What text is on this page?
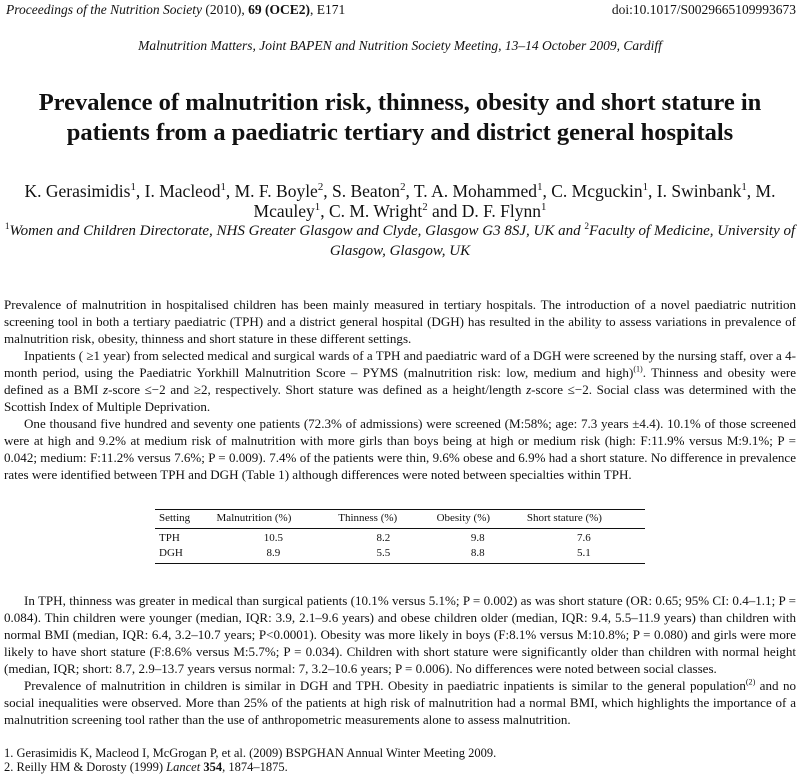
Proceedings of the Nutrition Society (2010), 69 (OCE2), E171	doi:10.1017/S0029665109993673
Malnutrition Matters, Joint BAPEN and Nutrition Society Meeting, 13–14 October 2009, Cardiff
Prevalence of malnutrition risk, thinness, obesity and short stature in patients from a paediatric tertiary and district general hospitals
K. Gerasimidis$^1$, I. Macleod$^1$, M. F. Boyle$^2$, S. Beaton$^2$, T. A. Mohammed$^1$, C. Mcguckin$^1$, I. Swinbank$^1$, M. Mcauley$^1$, C. M. Wright$^2$ and D. F. Flynn$^1$
$^1$Women and Children Directorate, NHS Greater Glasgow and Clyde, Glasgow G3 8SJ, UK and $^2$Faculty of Medicine, University of Glasgow, Glasgow, UK

Prevalence of malnutrition in hospitalised children has been mainly measured in tertiary hospitals. The introduction of a novel paediatric nutrition screening tool in both a tertiary paediatric (TPH) and a district general hospital (DGH) has resulted in the ability to assess variations in prevalence of malnutrition risk, obesity, thinness and short stature in these different settings.

Inpatients ( ≥1 year) from selected medical and surgical wards of a TPH and paediatric ward of a DGH were screened by the nursing staff, over a 4-month period, using the Paediatric Yorkhill Malnutrition Score – PYMS (malnutrition risk: low, medium and high)$^{(1)}$. Thinness and obesity were defined as a BMI z-score ≤−2 and ≥2, respectively. Short stature was defined as a height/length z-score ≤−2. Social class was determined with the Scottish Index of Multiple Deprivation.

One thousand five hundred and seventy one patients (72.3% of admissions) were screened (M:58%; age: 7.3 years ±4.4). 10.1% of those screened were at high and 9.2% at medium risk of malnutrition with more girls than boys being at high or medium risk (high: F:11.9% versus M:9.1%; P = 0.042; medium: F:11.2% versus 7.6%; P = 0.009). 7.4% of the patients were thin, 9.6% obese and 6.9% had a short stature. No difference in prevalence rates were identified between TPH and DGH (Table 1) although differences were noted between specialties within TPH.

Setting	Malnutrition (%)	Thinness (%)	Obesity (%)	Short stature (%)
TPH	10.5	8.2	9.8	7.6
DGH	8.9	5.5	8.8	5.1

In TPH, thinness was greater in medical than surgical patients (10.1% versus 5.1%; P = 0.002) as was short stature (OR: 0.65; 95% CI: 0.4–1.1; P = 0.084). Thin children were younger (median, IQR: 3.9, 2.1–9.6 years) and obese children older (median, IQR: 9.4, 5.5–11.9 years) than children with normal BMI (median, IQR: 6.4, 3.2–10.7 years; P<0.0001). Obesity was more likely in boys (F:8.1% versus M:10.8%; P = 0.080) and girls were more likely to have short stature (F:8.6% versus M:5.7%; P = 0.034). Children with short stature were significantly older than children with normal height (median, IQR; short: 8.7, 2.9–13.7 years versus normal: 7, 3.2–10.6 years; P = 0.006). No differences were noted between social classes.

Prevalence of malnutrition in children is similar in DGH and TPH. Obesity in paediatric inpatients is similar to the general population$^{(2)}$ and no social inequalities were observed. More than 25% of the patients at high risk of malnutrition had a normal BMI, which highlights the importance of a malnutrition screening tool rather than the use of anthropometric measurements alone to assess malnutrition.

1. Gerasimidis K, Macleod I, McGrogan P, et al. (2009) BSPGHAN Annual Winter Meeting 2009.

2. Reilly HM & Dorosty (1999) Lancet 354, 1874–1875.
